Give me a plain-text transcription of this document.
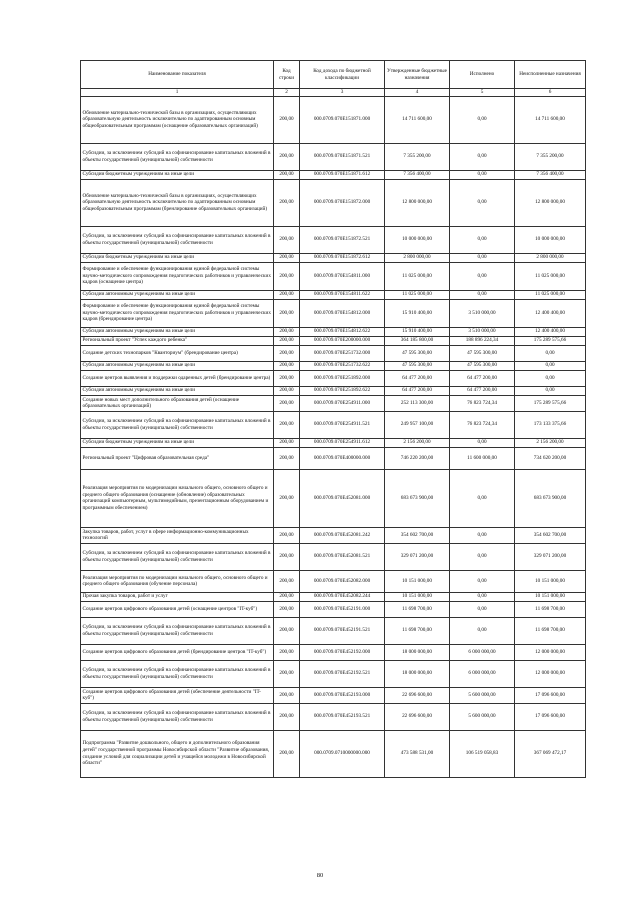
Наименование показателя	Код строки	Код дохода по бюджетной классификации	Утвержденные бюджетные назначения	Исполнено	Неисполненные назначения
1	2	3	4	5	6
Обновление материально-технической базы в организациях, осуществляющих образовательную деятельность исключительно по адаптированным основным общеобразовательным программам (оснащение образовательных организаций)	200,00	000.0709.070Е151871.000	14 711 600,00	0,00	14 711 600,00
Субсидии, за исключением субсидий на софинансирование капитальных вложений в объекты государственной (муниципальной) собственности	200,00	000.0709.070Е151871.521	7 355 200,00	0,00	7 355 200,00
Субсидии бюджетным учреждениям на иные цели	200,00	000.0709.070Е151871.612	7 356 400,00	0,00	7 356 400,00
Обновление материально-технической базы в организациях, осуществляющих образовательную деятельность исключительно по адаптированным основным общеобразовательным программам (бренлирование образовательных организаций)	200,00	000.0709.070Е151872.000	12 800 000,00	0,00	12 800 000,00
Субсидии, за исключением субсидий на софинансирование капитальных вложений в объекты государственной (муниципальной) собственности	200,00	000.0709.070Е151872.521	10 000 000,00	0,00	10 000 000,00
Субсидии бюджетным учреждениям на иные цели	200,00	000.0709.070Е151872.612	2 800 000,00	0,00	2 800 000,00
Формирование и обеспечение функционирования единой федеральной системы научно-методического сопровождения педагогических работников и управленческих кадров (оснащение центра)	200,00	000.0709.070Е154811.000	11 025 000,00	0,00	11 025 000,00
Субсидии автономным учреждениям на иные цели	200,00	000.0709.070Е154811.622	11 025 000,00	0,00	11 025 000,00
Формирование и обеспечение функционирования единой федеральной системы научно-методического сопровождения педагогических работников и управленческих кадров (брендирование центра)	200,00	000.0709.070Е154812.000	15 910 400,00	3 510 000,00	12 400 400,00
Субсидии автономным учреждениям на иные цели	200,00	000.0709.070Е154812.622	15 910 400,00	3 510 000,00	12 400 400,00
Региональный проект "Успех каждого ребенка"	200,00	000.0709.070Е200000.000	364 185 800,00	188 896 224,34	175 289 575,66
Создание детских технопарков "Кванториум" (брендирование центра)	200,00	000.0709.070Е251732.000	47 595 300,00	47 595 300,00	0,00
Субсидии автономным учреждениям на иные цели	200,00	000.0709.070Е251732.622	47 595 300,00	47 595 300,00	0,00
Создание центров выявления и поддержки одаренных детей (брендирование центра)	200,00	000.0709.070Е251892.000	64 477 200,00	64 477 200,00	0,00
Субсидии автономным учреждениям на иные цели	200,00	000.0709.070Е251892.622	64 477 200,00	64 477 200,00	0,00
Создание новых мест дополнительного образования детей (оснащение образовательных организаций)	200,00	000.0709.070Е254911.000	252 113 300,00	76 823 724,34	175 289 575,66
Субсидии, за исключением субсидий на софинансирование капитальных вложений в объекты государственной (муниципальной) собственности	200,00	000.0709.070Е254911.521	249 957 100,00	76 823 724,34	173 133 375,66
Субсидии бюджетным учреждениям на иные цели	200,00	000.0709.070Е254911.612	2 156 200,00	0,00	2 156 200,00
Региональный проект "Цифровая образовательная среда"	200,00	000.0709.070Е400000.000	746 220 200,00	11 600 000,00	734 620 200,00
Реализация мероприятия по модернизации начального общего, основного общего и среднего общего образования (оснащение (обновление) образовательных организаций компьютерным, мультимедийным, презентационным оборудованием и программным обеспечением)	200,00	000.0709.070Е452081.000	683 673 900,00	0,00	683 673 900,00
Закупка товаров, работ, услуг в сфере информационно-коммуникационных технологий	200,00	000.0709.070Е452081.242	354 602 700,00	0,00	354 602 700,00
Субсидии, за исключением субсидий на софинансирование капитальных вложений в объекты государственной (муниципальной) собственности	200,00	000.0709.070Е452081.521	329 071 200,00	0,00	329 071 200,00
Реализация мероприятия по модернизации начального общего, основного общего и среднего общего образования (обучение персонала)	200,00	000.0709.070Е452082.000	10 151 000,00	0,00	10 151 000,00
Прочая закупка товаров, работ и услуг	200,00	000.0709.070Е452082.244	10 151 000,00	0,00	10 151 000,00
Создание центров цифрового образования детей (оснащение центров "IT-куб")	200,00	000.0709.070Е452191.000	11 698 700,00	0,00	11 698 700,00
Субсидии, за исключением субсидий на софинансирование капитальных вложений в объекты государственной (муниципальной) собственности	200,00	000.0709.070Е452191.521	11 698 700,00	0,00	11 698 700,00
Создание центров цифрового образования детей (брендирование центров "IT-куб")	200,00	000.0709.070Е452192.000	18 000 000,00	6 000 000,00	12 000 000,00
Субсидии, за исключением субсидий на софинансирование капитальных вложений в объекты государственной (муниципальной) собственности	200,00	000.0709.070Е452192.521	18 000 000,00	6 000 000,00	12 000 000,00
Создание центров цифрового образования детей (обеспечение деятельности "IT-куб")	200,00	000.0709.070Е452193.000	22 696 600,00	5 600 000,00	17 096 600,00
Субсидии, за исключением субсидий на софинансирование капитальных вложений в объекты государственной (муниципальной) собственности	200,00	000.0709.070Е452193.521	22 696 600,00	5 600 000,00	17 096 600,00
Подпрограмма "Развитие дошкольного, общего и дополнительного образования детей" государственной программы Новосибирской области "Развитие образования, создание условий для социализации детей и учащейся молодежи в Новосибирской области"	200,00	000.0709.0710000000.000	473 588 531,00	106 519 058,83	367 069 472,17
80
